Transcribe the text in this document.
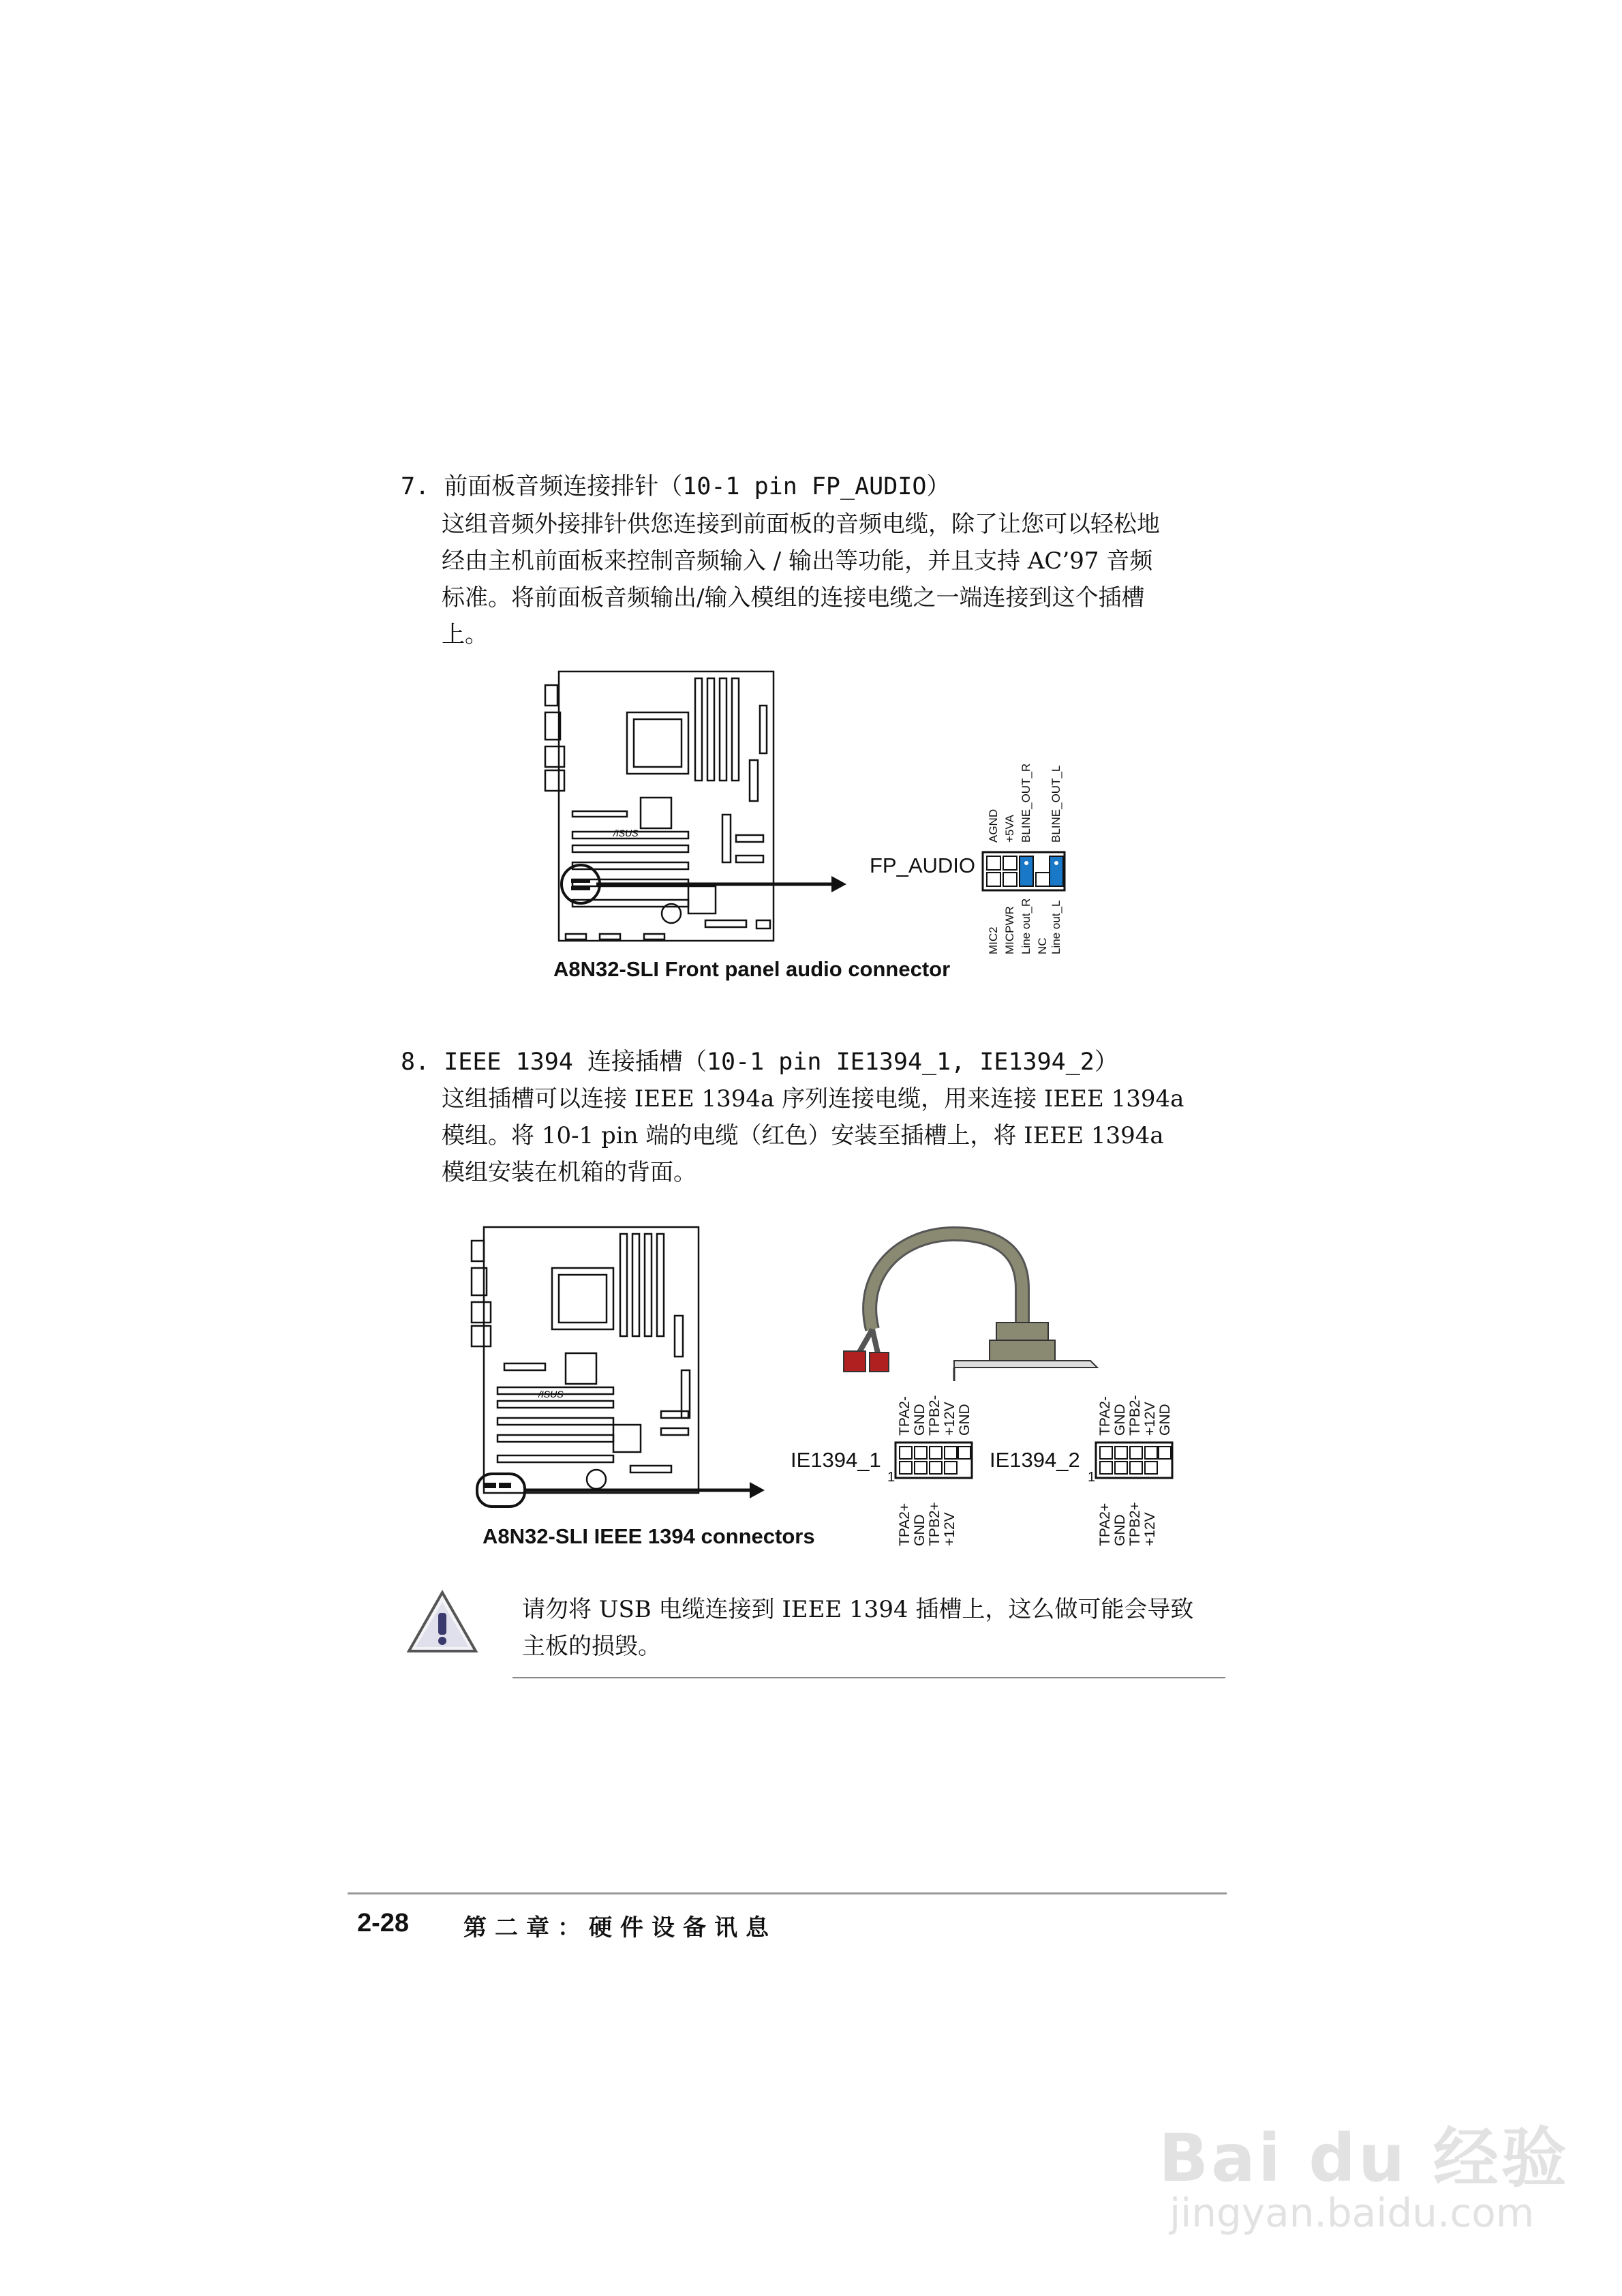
7. 前面板音频连接排针（10-1 pin FP_AUDIO）
这组音频外接排针供您连接到前面板的音频电缆，除了让您可以轻松地
经由主机前面板来控制音频输入 / 输出等功能，并且支持 AC’97 音频
标准。将前面板音频输出/输入模组的连接电缆之一端连接到这个插槽
上。
/ISUS
FP_AUDIO
AGND +5VA BLINE_OUT_R BLINE_OUT_L
MIC2 MICPWR Line out_R NC Line out_L
A8N32-SLI Front panel audio connector
8. IEEE 1394 连接插槽（10-1 pin IE1394_1, IE1394_2）
这组插槽可以连接 IEEE 1394a 序列连接电缆，用来连接 IEEE 1394a
模组。将 10-1 pin 端的电缆（红色）安装至插槽上，将 IEEE 1394a
模组安装在机箱的背面。
/ISUS
A8N32-SLI IEEE 1394 connectors
IE1394_1
1
TPA2- GND TPB2- +12V GND
TPA2+ GND TPB2+ +12V
IE1394_2
1
TPA2- GND TPB2- +12V GND
TPA2+ GND TPB2+ +12V
请勿将 USB 电缆连接到 IEEE 1394 插槽上，这么做可能会导致
主板的损毁。
2-28 第二章：硬件设备讯息
Bai du 经验
jingyan.baidu.com
